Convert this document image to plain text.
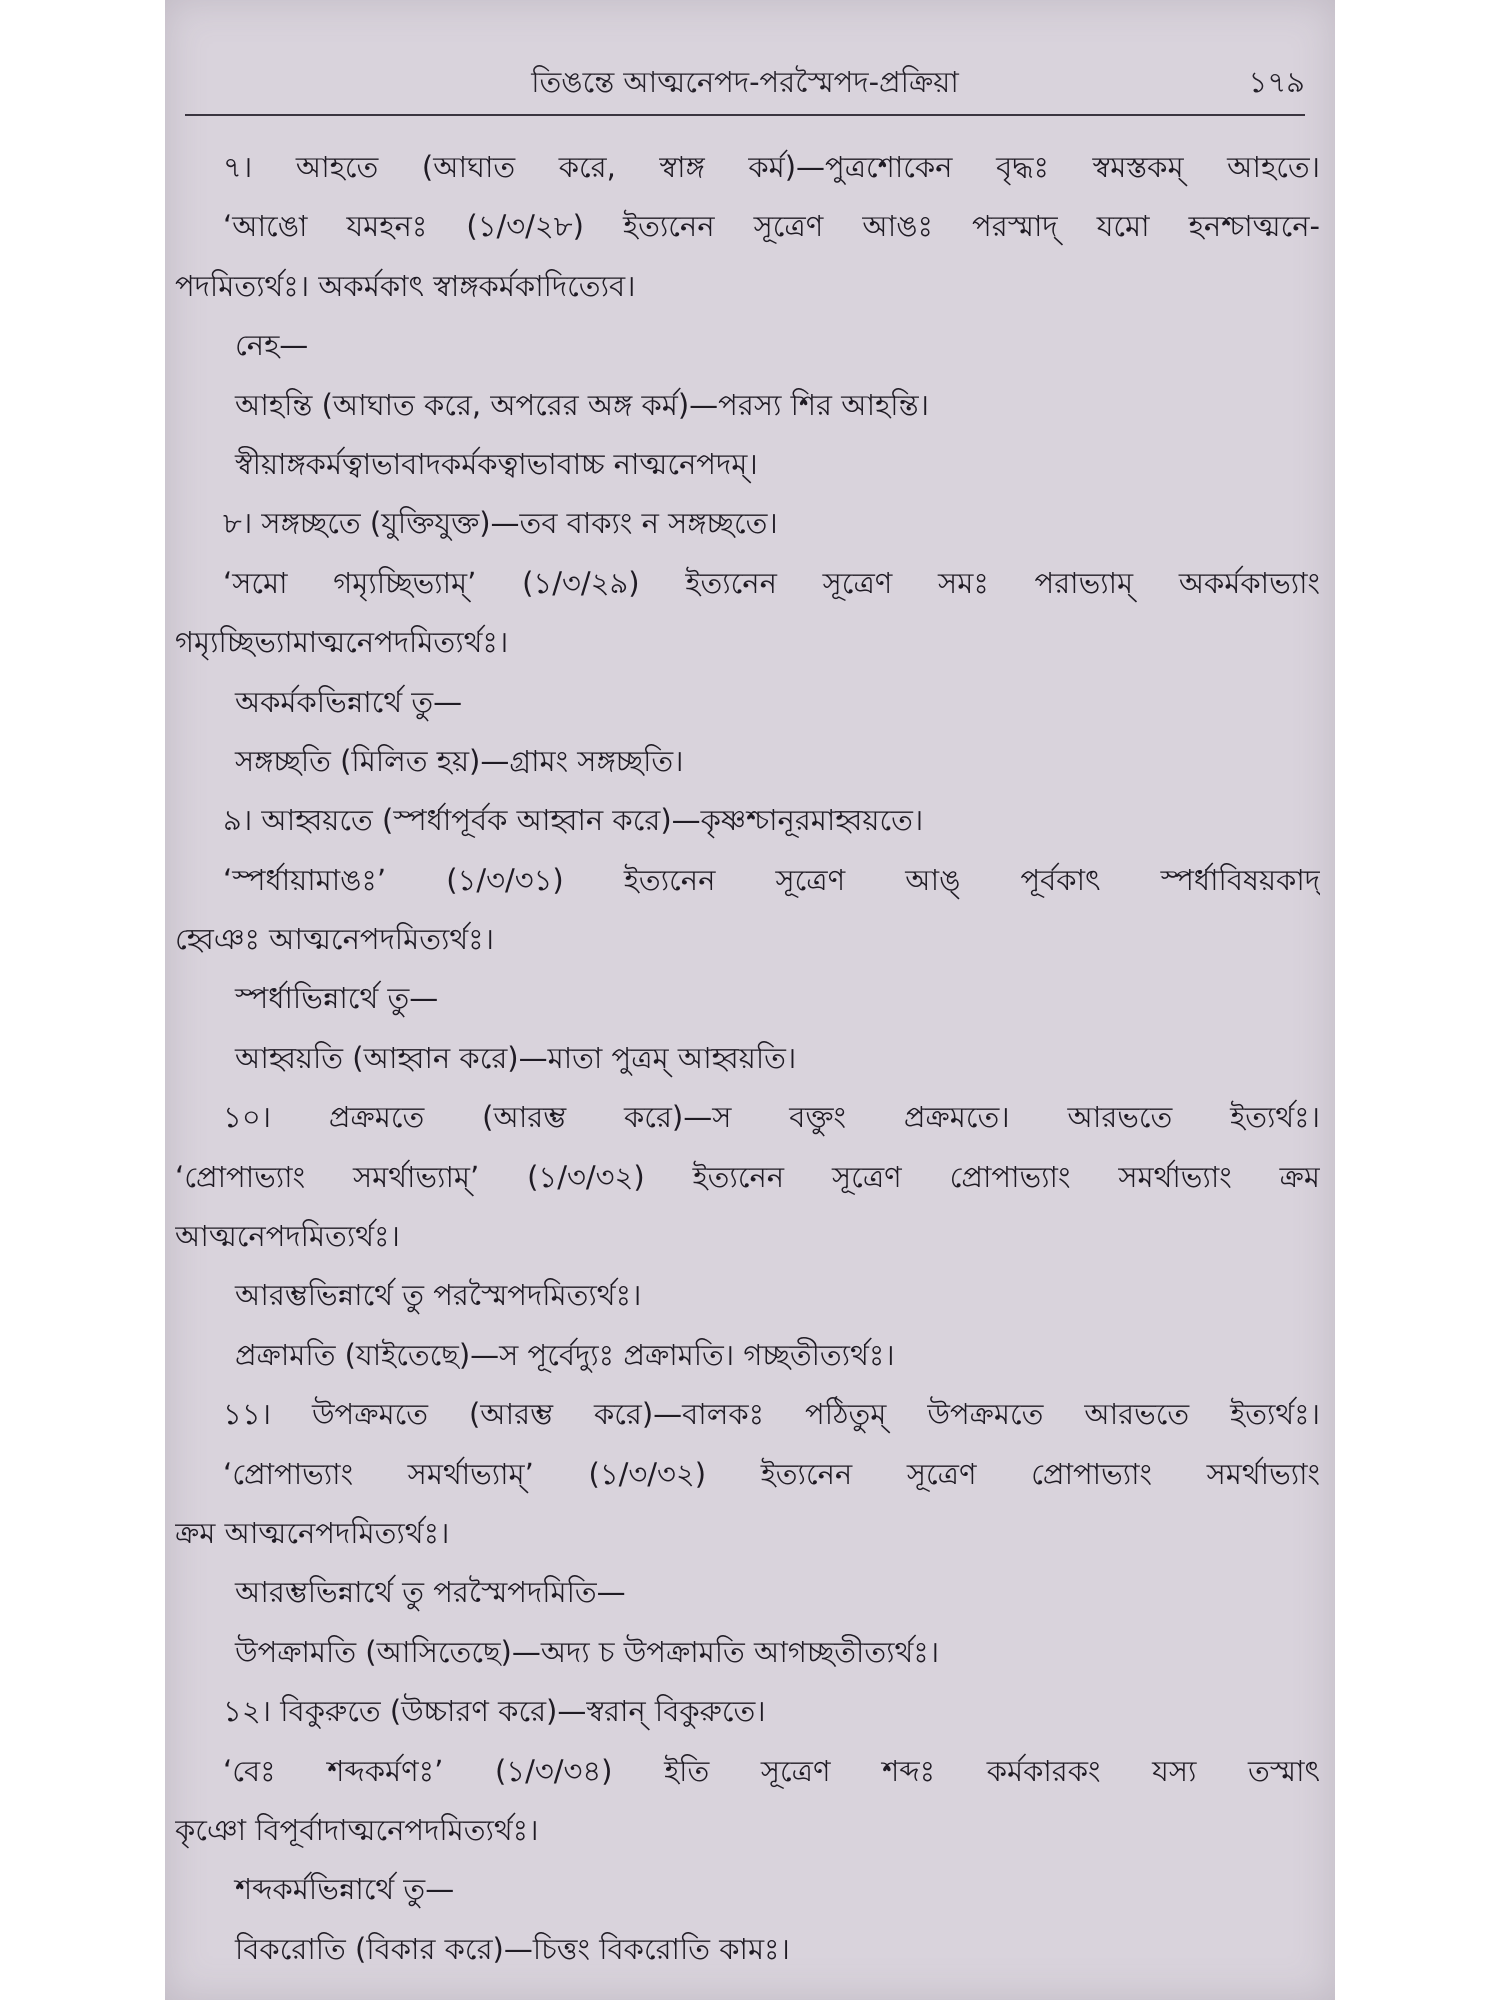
তিঙন্তে আত্মনেপদ-পরস্মৈপদ-প্রক্রিয়া	১৭৯
৭। আহতে (আঘাত করে, স্বাঙ্গ কর্ম)—পুত্রশোকেন বৃদ্ধঃ স্বমস্তকম্ আহতে।
‘আঙো যমহনঃ (১/৩/২৮) ইত্যনেন সূত্রেণ আঙঃ পরস্মাদ্ যমো হনশ্চাত্মনে-
পদমিত্যর্থঃ। অকর্মকাৎ স্বাঙ্গকর্মকাদিত্যেব।
নেহ—
আহন্তি (আঘাত করে, অপরের অঙ্গ কর্ম)—পরস্য শির আহন্তি।
স্বীয়াঙ্গকর্মত্বাভাবাদকর্মকত্বাভাবাচ্চ নাত্মনেপদম্।
৮। সঙ্গচ্ছতে (যুক্তিযুক্ত)—তব বাক্যং ন সঙ্গচ্ছতে।
‘সমো গম্যৃচ্ছিভ্যাম্’ (১/৩/২৯) ইত্যনেন সূত্রেণ সমঃ পরাভ্যাম্ অকর্মকাভ্যাং
গম্যৃচ্ছিভ্যামাত্মনেপদমিত্যর্থঃ।
অকর্মকভিন্নার্থে তু—
সঙ্গচ্ছতি (মিলিত হয়)—গ্রামং সঙ্গচ্ছতি।
৯। আহ্বয়তে (স্পর্ধাপূর্বক আহ্বান করে)—কৃষ্ণশ্চানূরমাহ্বয়তে।
‘স্পর্ধায়ামাঙঃ’ (১/৩/৩১) ইত্যনেন সূত্রেণ আঙ্ পূর্বকাৎ স্পর্ধাবিষয়কাদ্
হ্বেঞঃ আত্মনেপদমিত্যর্থঃ।
স্পর্ধাভিন্নার্থে তু—
আহ্বয়তি (আহ্বান করে)—মাতা পুত্রম্ আহ্বয়তি।
১০। প্রক্রমতে (আরম্ভ করে)—স বক্তুং প্রক্রমতে। আরভতে ইত্যর্থঃ।
‘প্রোপাভ্যাং সমর্থাভ্যাম্’ (১/৩/৩২) ইত্যনেন সূত্রেণ প্রোপাভ্যাং সমর্থাভ্যাং ক্রম
আত্মনেপদমিত্যর্থঃ।
আরম্ভভিন্নার্থে তু পরস্মৈপদমিত্যর্থঃ।
প্রক্রামতি (যাইতেছে)—স পূর্বেদ্যুঃ প্রক্রামতি। গচ্ছতীত্যর্থঃ।
১১। উপক্রমতে (আরম্ভ করে)—বালকঃ পঠিতুম্ উপক্রমতে আরভতে ইত্যর্থঃ।
‘প্রোপাভ্যাং সমর্থাভ্যাম্’ (১/৩/৩২) ইত্যনেন সূত্রেণ প্রোপাভ্যাং সমর্থাভ্যাং
ক্রম আত্মনেপদমিত্যর্থঃ।
আরম্ভভিন্নার্থে তু পরস্মৈপদমিতি—
উপক্রামতি (আসিতেছে)—অদ্য চ উপক্রামতি আগচ্ছতীত্যর্থঃ।
১২। বিকুরুতে (উচ্চারণ করে)—স্বরান্ বিকুরুতে।
‘বেঃ শব্দকর্মণঃ’ (১/৩/৩৪) ইতি সূত্রেণ শব্দঃ কর্মকারকং যস্য তস্মাৎ
কৃঞো বিপূর্বাদাত্মনেপদমিত্যর্থঃ।
শব্দকর্মভিন্নার্থে তু—
বিকরোতি (বিকার করে)—চিত্তং বিকরোতি কামঃ।
